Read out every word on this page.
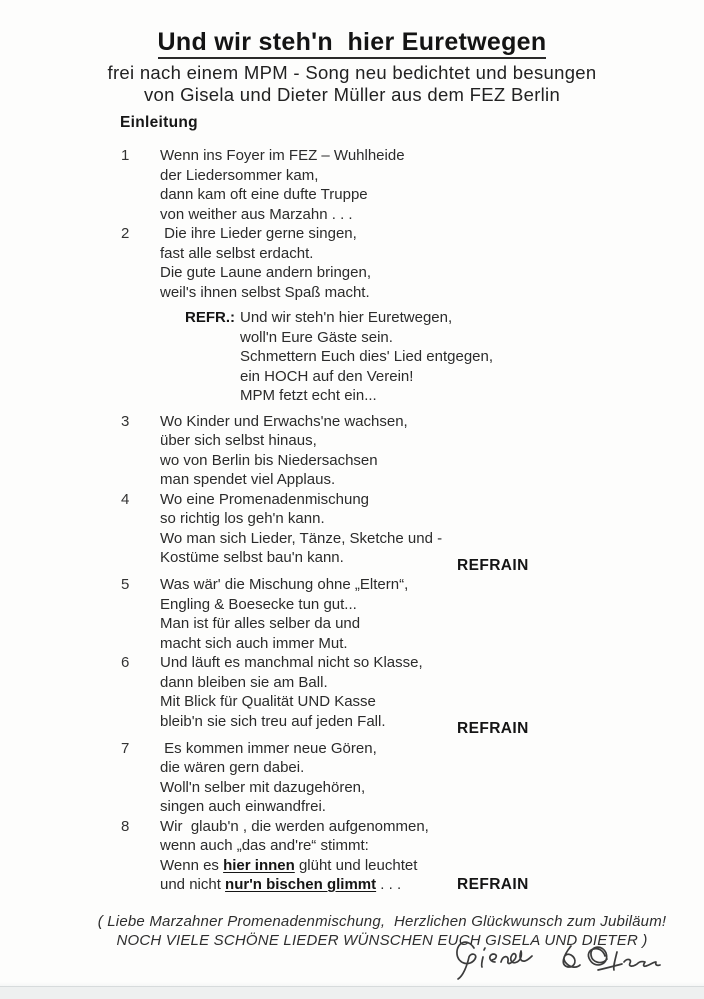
Und wir steh'n  hier Euretwegen
frei nach einem MPM - Song neu bedichtet und besungen
von Gisela und Dieter Müller aus dem FEZ Berlin
Einleitung
1	Wenn ins Foyer im FEZ – Wuhlheide
der Liedersommer kam,
dann kam oft eine dufte Truppe
von weither aus Marzahn . . .
2	Die ihre Lieder gerne singen,
fast alle selbst erdacht.
Die gute Laune andern bringen,
weil's ihnen selbst Spaß macht.
REFR.: Und wir steh'n hier Euretwegen,
woll'n Eure Gäste sein.
Schmettern Euch dies' Lied entgegen,
ein HOCH auf den Verein!
MPM fetzt echt ein...
3	Wo Kinder und Erwachs'ne wachsen,
über sich selbst hinaus,
wo von Berlin bis Niedersachsen
man spendet viel Applaus.
4	Wo eine Promenadenmischung
so richtig los geh'n kann.
Wo man sich Lieder, Tänze, Sketche und -
Kostüme selbst bau'n kann.	REFRAIN
5	Was wär' die Mischung ohne „Eltern“,
Engling & Boesecke tun gut...
Man ist für alles selber da und
macht sich auch immer Mut.
6	Und läuft es manchmal nicht so Klasse,
dann bleiben sie am Ball.
Mit Blick für Qualität UND Kasse
bleib'n sie sich treu auf jeden Fall.	REFRAIN
7	Es kommen immer neue Gören,
die wären gern dabei.
Woll'n selber mit dazugehören,
singen auch einwandfrei.
8	Wir  glaub'n , die werden aufgenommen,
wenn auch „das and're“ stimmt:
Wenn es hier innen glüht und leuchtet
und nicht nur'n bischen glimmt . . .	REFRAIN
( Liebe Marzahner Promenadenmischung,  Herzlichen Glückwunsch zum Jubiläum!
NOCH VIELE SCHÖNE LIEDER WÜNSCHEN EUCH GISELA UND DIETER )
